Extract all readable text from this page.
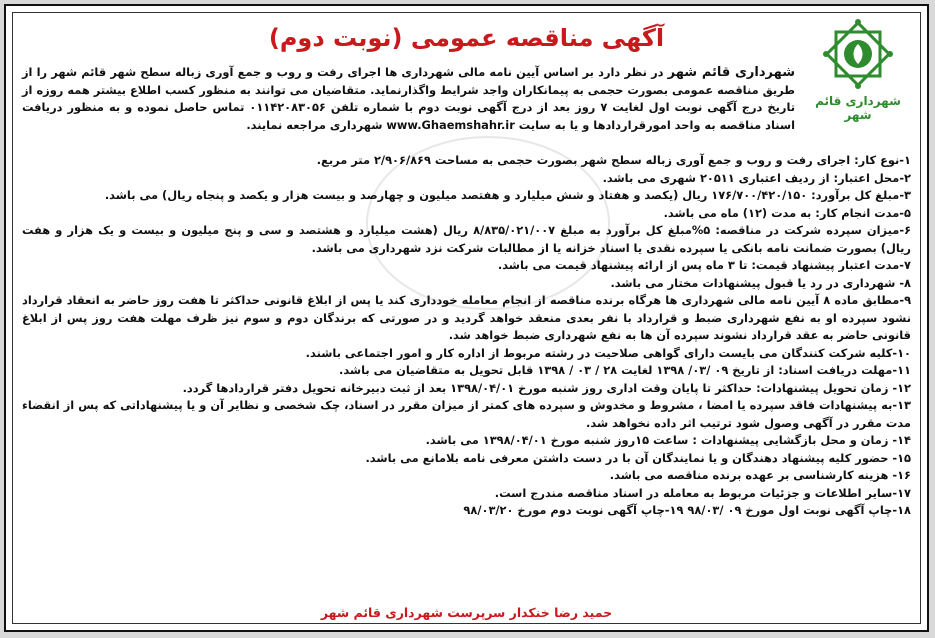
شهرداری قائم شهر
آگهی مناقصه عمومی (نوبت دوم)
شهرداری قائم شهر در نظر دارد بر اساس آیین نامه مالی شهرداری ها اجرای رفت و روب و جمع آوری زباله سطح شهر قائم شهر را از طریق مناقصه عمومی بصورت حجمی به پیمانکاران واجد شرایط واگذارنماید. متقاضیان می توانند به منظور کسب اطلاع بیشتر همه روزه از تاریخ درج آگهی نوبت اول لغایت ۷ روز بعد از درج آگهی نوبت دوم با شماره تلفن ۰۱۱۴۲۰۸۳۰۵۶ تماس حاصل نموده و به منظور دریافت اسناد مناقصه به واحد امورقراردادها و یا به سایت www.Ghaemshahr.ir شهرداری مراجعه نمایند.

۱-نوع کار: اجرای رفت و روب و جمع آوری زباله سطح شهر بصورت حجمی به مساحت ۲/۹۰۶/۸۶۹ متر مربع.

۲-محل اعتبار: از ردیف اعتباری ۲۰۵۱۱ شهری می باشد.

۳-مبلغ کل برآورد: ۱۷۶/۷۰۰/۴۲۰/۱۵۰ ریال (یکصد و هفتاد و شش میلیارد و هفتصد میلیون و چهارصد و بیست هزار و یکصد و پنجاه ریال) می باشد.

۵-مدت انجام کار: به مدت (۱۲) ماه می باشد.

۶-میزان سپرده شرکت در مناقصه: ۵%مبلغ کل برآورد به مبلغ ۸/۸۳۵/۰۲۱/۰۰۷ ریال (هشت میلیارد و هشتصد و سی و پنج میلیون و بیست و یک هزار و هفت ریال) بصورت ضمانت نامه بانکی یا سپرده نقدی یا اسناد خزانه یا از مطالبات شرکت نزد شهرداری می باشد.

۷-مدت اعتبار پیشنهاد قیمت: تا ۳ ماه پس از ارائه پیشنهاد قیمت می باشد.

۸- شهرداری در رد یا قبول پیشنهادات مختار می باشد.

۹-مطابق ماده ۸ آیین نامه مالی شهرداری ها هرگاه برنده مناقصه از انجام معامله خودداری کند یا پس از ابلاغ قانونی حداکثر تا هفت روز حاضر به انعقاد قرارداد نشود سپرده او به نفع شهرداری ضبط و قرارداد با نفر بعدی منعقد خواهد گردید و در صورتی که برندگان دوم و سوم نیز ظرف مهلت هفت روز پس از ابلاغ قانونی حاضر به عقد قرارداد نشوند سپرده آن ها به نفع شهرداری ضبط خواهد شد.

۱۰-کلیه شرکت کنندگان می بایست دارای گواهی صلاحیت در رشته مربوط از اداره کار و امور اجتماعی باشند.

۱۱-مهلت دریافت اسناد: از تاریخ ۰۹ /۰۳/ ۱۳۹۸ لغایت ۲۸ / ۰۳ / ۱۳۹۸ قابل تحویل به متقاضیان می باشد.

۱۲- زمان تحویل پیشنهادات: حداکثر تا پایان وقت اداری روز شنبه مورخ ۱۳۹۸/۰۴/۰۱ بعد از ثبت دبیرخانه تحویل دفتر قراردادها گردد.

۱۳-به پیشنهادات فاقد سپرده یا امضا ، مشروط و مخدوش و سپرده های کمتر از میزان مقرر در اسناد، چک شخصی و نظایر آن و یا پیشنهاداتی که پس از انقضاء مدت مقرر در آگهی وصول شود ترتیب اثر داده نخواهد شد.

۱۴- زمان و محل بازگشایی پیشنهادات : ساعت ۱۵روز شنبه مورخ ۱۳۹۸/۰۴/۰۱ می باشد.

۱۵- حضور کلیه پیشنهاد دهندگان و یا نمایندگان آن با در دست داشتن معرفی نامه بلامانع می باشد.

۱۶- هزینه کارشناسی بر عهده برنده مناقصه می باشد.

۱۷-سایر اطلاعات و جزئیات مربوط به معامله در اسناد مناقصه مندرج است.

۱۸-چاپ آگهی نوبت اول مورخ ۰۹ /۹۸/۰۳ ۱۹-چاپ آگهی نوبت دوم مورخ ۹۸/۰۳/۲۰

حمید رضا خنکدار سرپرست شهرداری قائم شهر
